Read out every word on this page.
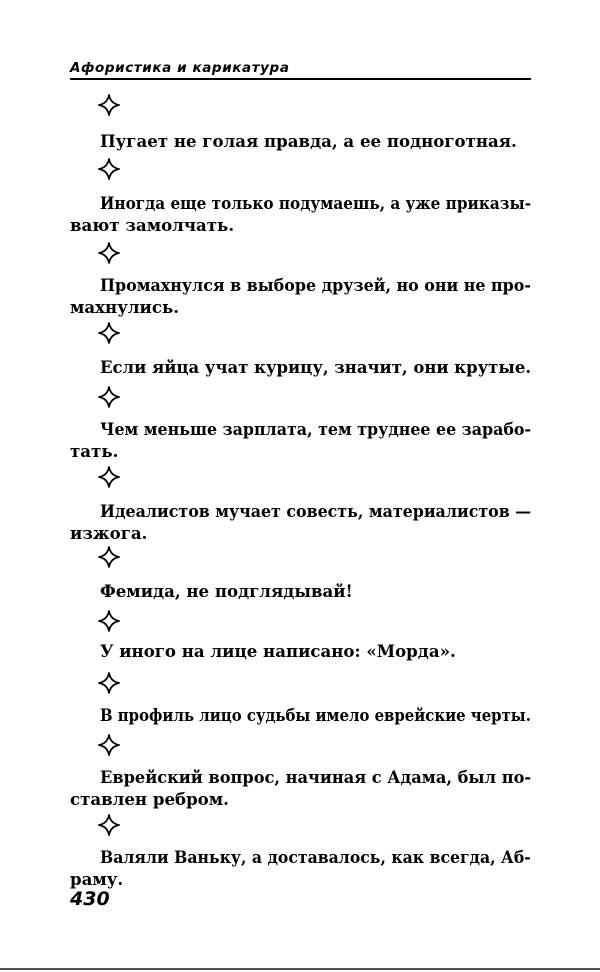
Афористика и карикатура
Пугает не голая правда, а ее подноготная.
Иногда еще только подумаешь, а уже приказы-
вают замолчать.
Промахнулся в выборе друзей, но они не про-
махнулись.
Если яйца учат курицу, значит, они крутые.
Чем меньше зарплата, тем труднее ее зарабо-
тать.
Идеалистов мучает совесть, материалистов —
изжога.
Фемида, не подглядывай!
У иного на лице написано: «Морда».
В профиль лицо судьбы имело еврейские черты.
Еврейский вопрос, начиная с Адама, был по-
ставлен ребром.
Валяли Ваньку, а доставалось, как всегда, Аб-
раму.
430
